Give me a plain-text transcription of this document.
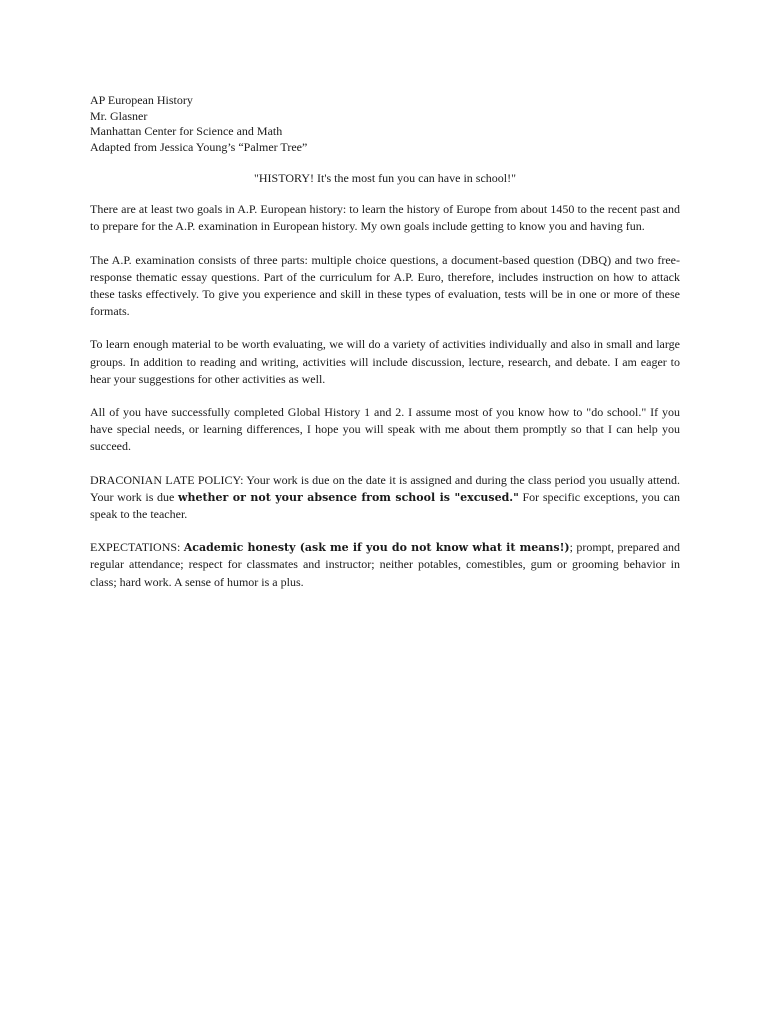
AP European History
Mr. Glasner
Manhattan Center for Science and Math
Adapted from Jessica Young’s “Palmer Tree”
"HISTORY! It's the most fun you can have in school!"

There are at least two goals in A.P. European history: to learn the history of Europe from about 1450 to the recent past and to prepare for the A.P. examination in European history. My own goals include getting to know you and having fun.

The A.P. examination consists of three parts: multiple choice questions, a document-based question (DBQ) and two free-response thematic essay questions. Part of the curriculum for A.P. Euro, therefore, includes instruction on how to attack these tasks effectively. To give you experience and skill in these types of evaluation, tests will be in one or more of these formats.

To learn enough material to be worth evaluating, we will do a variety of activities individually and also in small and large groups. In addition to reading and writing, activities will include discussion, lecture, research, and debate. I am eager to hear your suggestions for other activities as well.

All of you have successfully completed Global History 1 and 2. I assume most of you know how to "do school." If you have special needs, or learning differences, I hope you will speak with me about them promptly so that I can help you succeed.

DRACONIAN LATE POLICY: Your work is due on the date it is assigned and during the class period you usually attend. Your work is due whether or not your absence from school is "excused." For specific exceptions, you can speak to the teacher.

EXPECTATIONS: Academic honesty (ask me if you do not know what it means!); prompt, prepared and regular attendance; respect for classmates and instructor; neither potables, comestibles, gum or grooming behavior in class; hard work. A sense of humor is a plus.
